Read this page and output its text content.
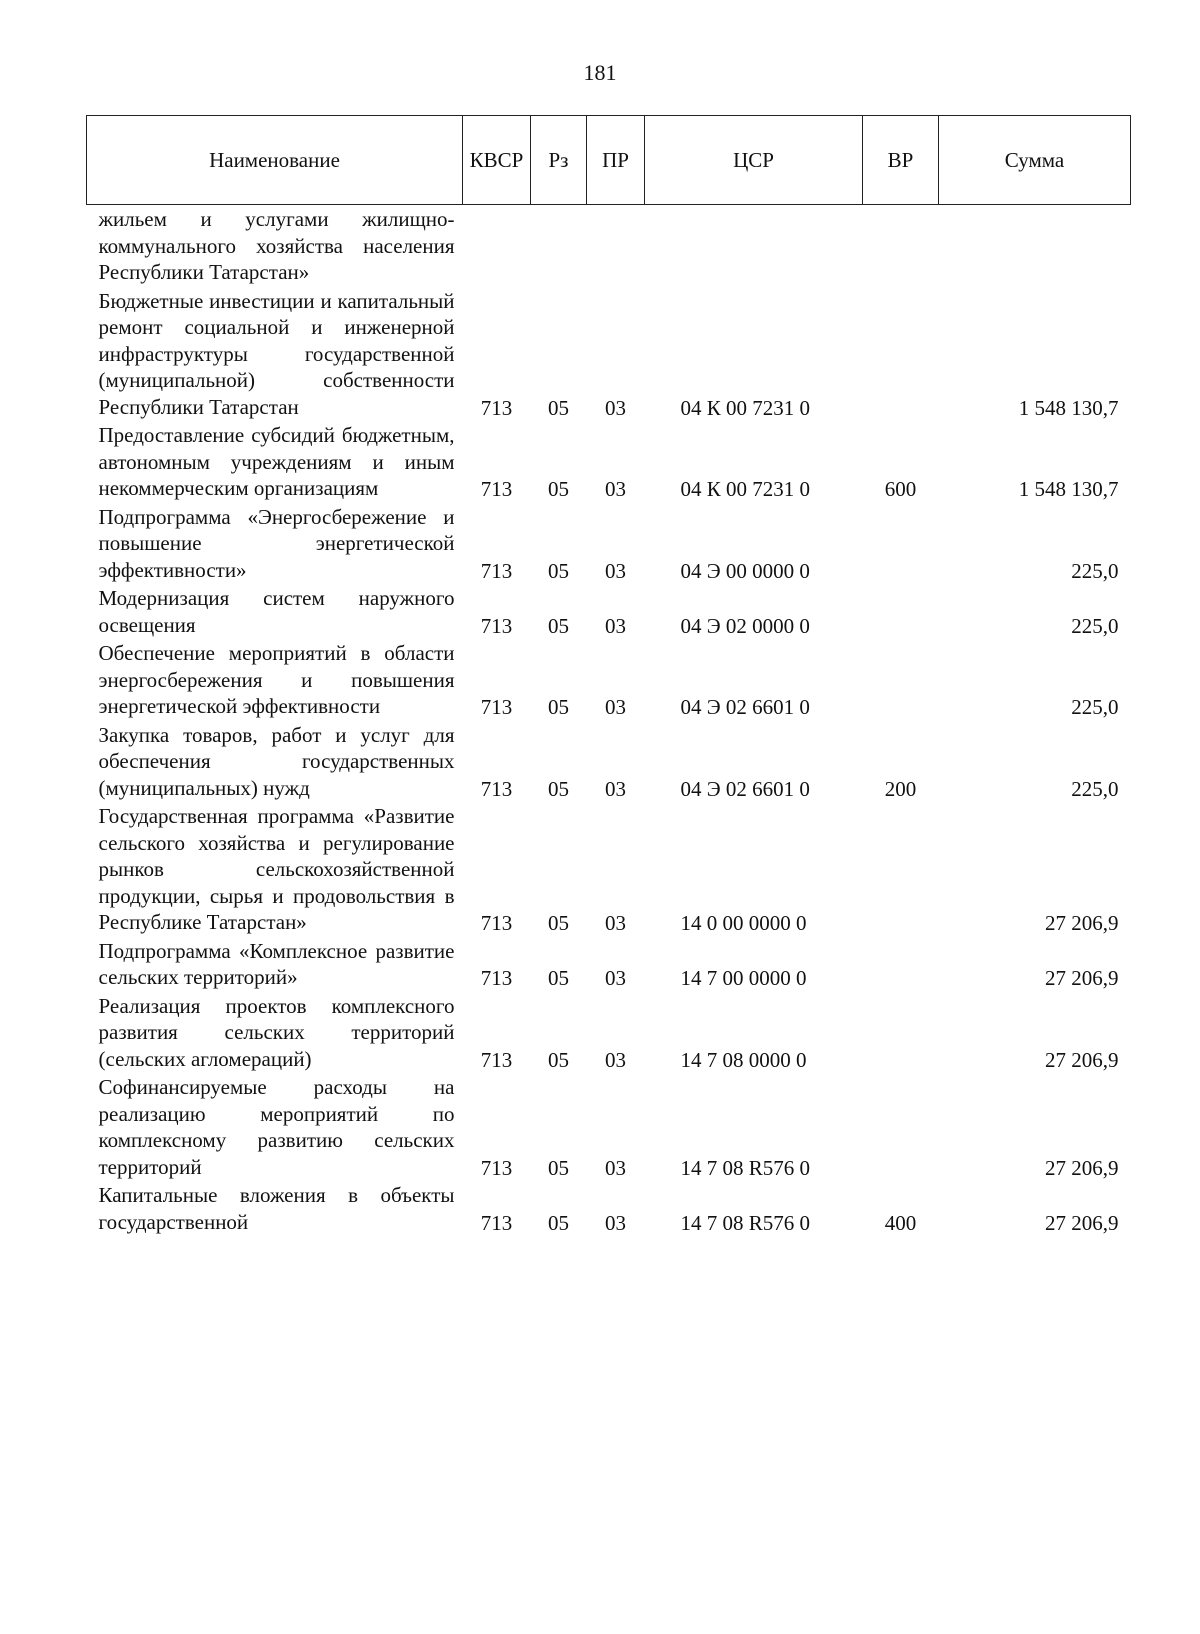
181
Наименование	КВСР	Рз	ПР	ЦСР	ВР	Сумма

жильем и услугами жилищно-коммунального хозяйства населения Республики Татарстан»						

Бюджетные инвестиции и капитальный ремонт социальной и инженерной инфраструктуры государственной (муниципальной) собственности Республики Татарстан	713	05	03	04 К 00 7231 0		1 548 130,7

Предоставление субсидий бюджетным, автономным учреждениям и иным некоммерческим организациям	713	05	03	04 К 00 7231 0	600	1 548 130,7

Подпрограмма «Энергосбережение и повышение энергетической эффективности»	713	05	03	04 Э 00 0000 0		225,0

Модернизация систем наружного освещения	713	05	03	04 Э 02 0000 0		225,0

Обеспечение мероприятий в области энергосбережения и повышения энергетической эффективности	713	05	03	04 Э 02 6601 0		225,0

Закупка товаров, работ и услуг для обеспечения государственных (муниципальных) нужд	713	05	03	04 Э 02 6601 0	200	225,0

Государственная программа «Развитие сельского хозяйства и регулирование рынков сельскохозяйственной продукции, сырья и продовольствия в Республике Татарстан»	713	05	03	14 0 00 0000 0		27 206,9

Подпрограмма «Комплексное развитие сельских территорий»	713	05	03	14 7 00 0000 0		27 206,9

Реализация проектов комплексного развития сельских территорий (сельских агломераций)	713	05	03	14 7 08 0000 0		27 206,9

Софинансируемые расходы на реализацию мероприятий по комплексному развитию сельских территорий	713	05	03	14 7 08 R576 0		27 206,9

Капитальные вложения в объекты государственной	713	05	03	14 7 08 R576 0	400	27 206,9
